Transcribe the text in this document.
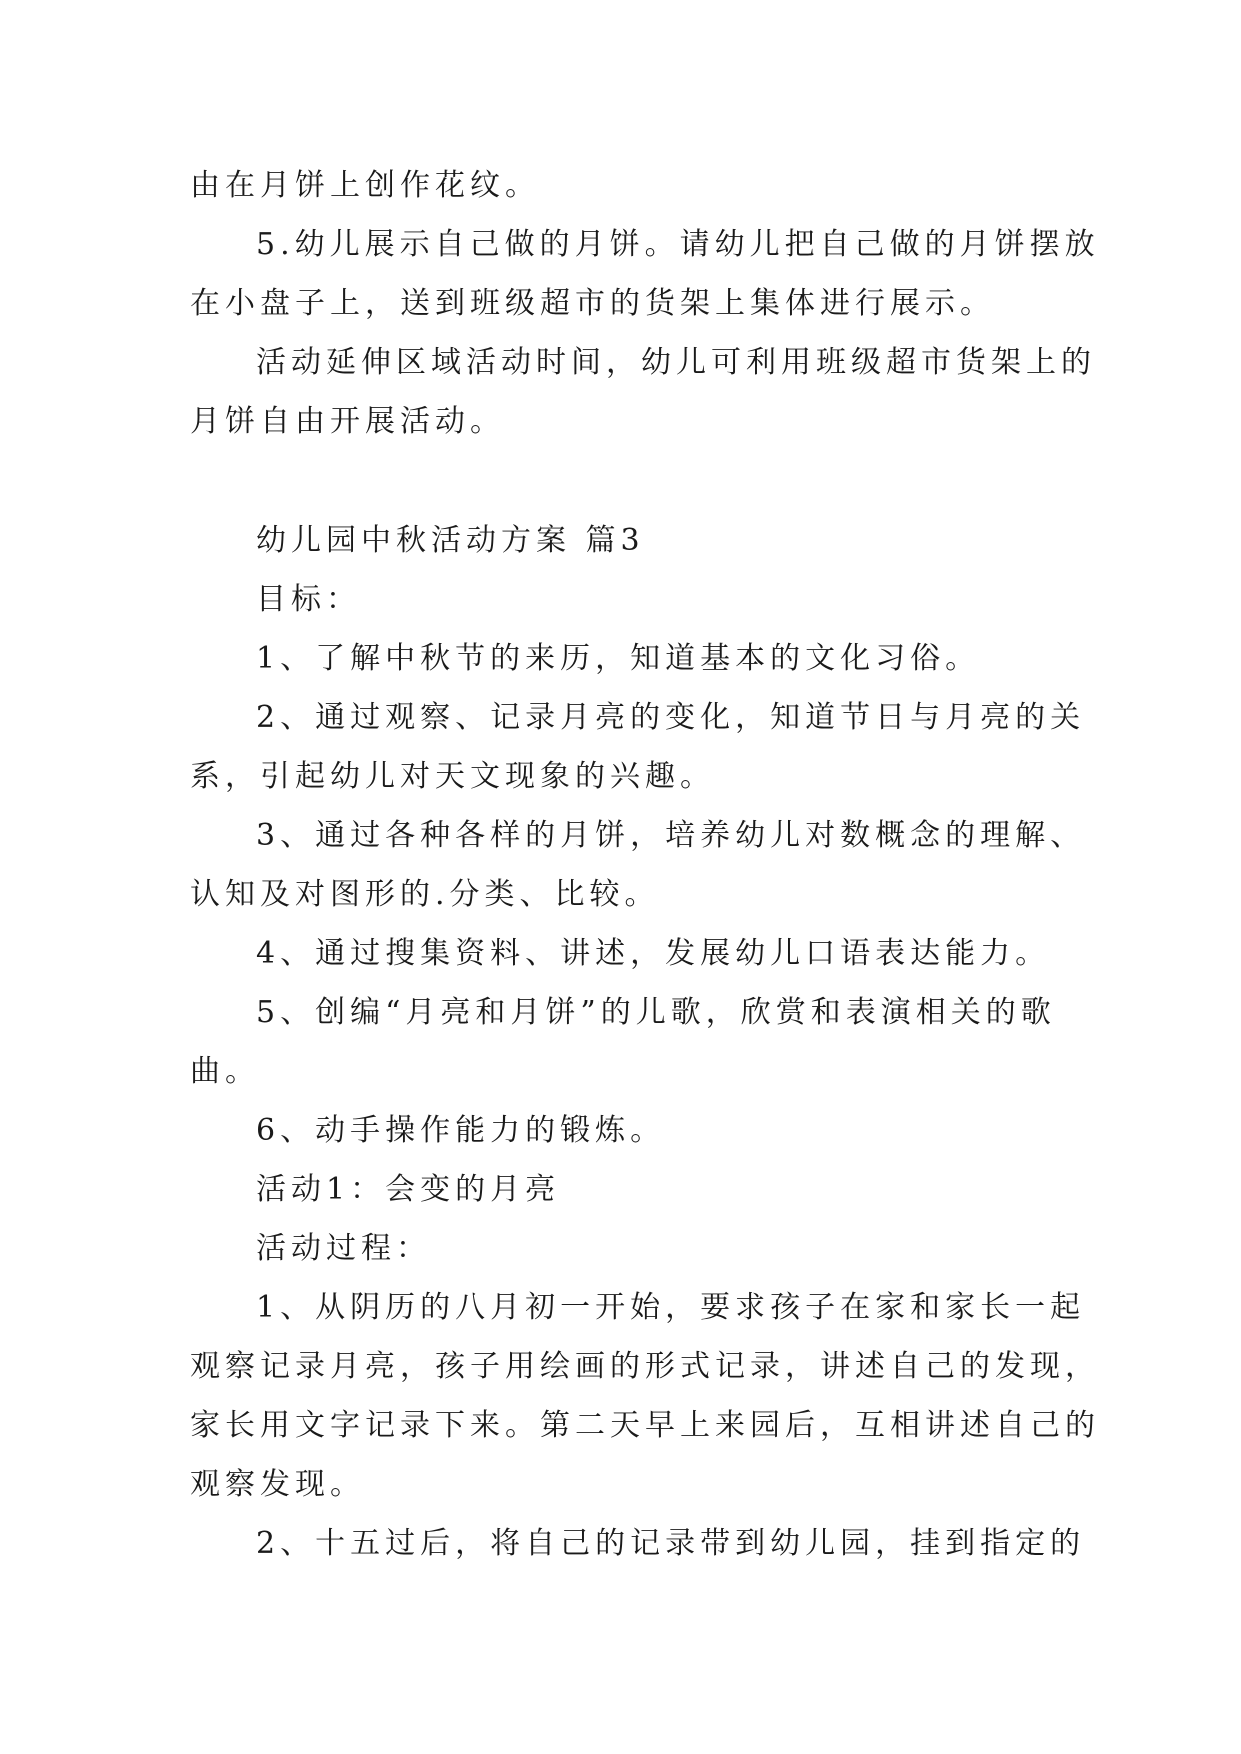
由在月饼上创作花纹。
5.幼儿展示自己做的月饼。请幼儿把自己做的月饼摆放
在小盘子上，送到班级超市的货架上集体进行展示。
活动延伸区域活动时间，幼儿可利用班级超市货架上的
月饼自由开展活动。
幼儿园中秋活动方案 篇3
目标：
1、了解中秋节的来历，知道基本的文化习俗。
2、通过观察、记录月亮的变化，知道节日与月亮的关
系，引起幼儿对天文现象的兴趣。
3、通过各种各样的月饼，培养幼儿对数概念的理解、
认知及对图形的.分类、比较。
4、通过搜集资料、讲述，发展幼儿口语表达能力。
5、创编“月亮和月饼”的儿歌，欣赏和表演相关的歌
曲。
6、动手操作能力的锻炼。
活动1：会变的月亮
活动过程：
1、从阴历的八月初一开始，要求孩子在家和家长一起
观察记录月亮，孩子用绘画的形式记录，讲述自己的发现，
家长用文字记录下来。第二天早上来园后，互相讲述自己的
观察发现。
2、十五过后，将自己的记录带到幼儿园，挂到指定的
